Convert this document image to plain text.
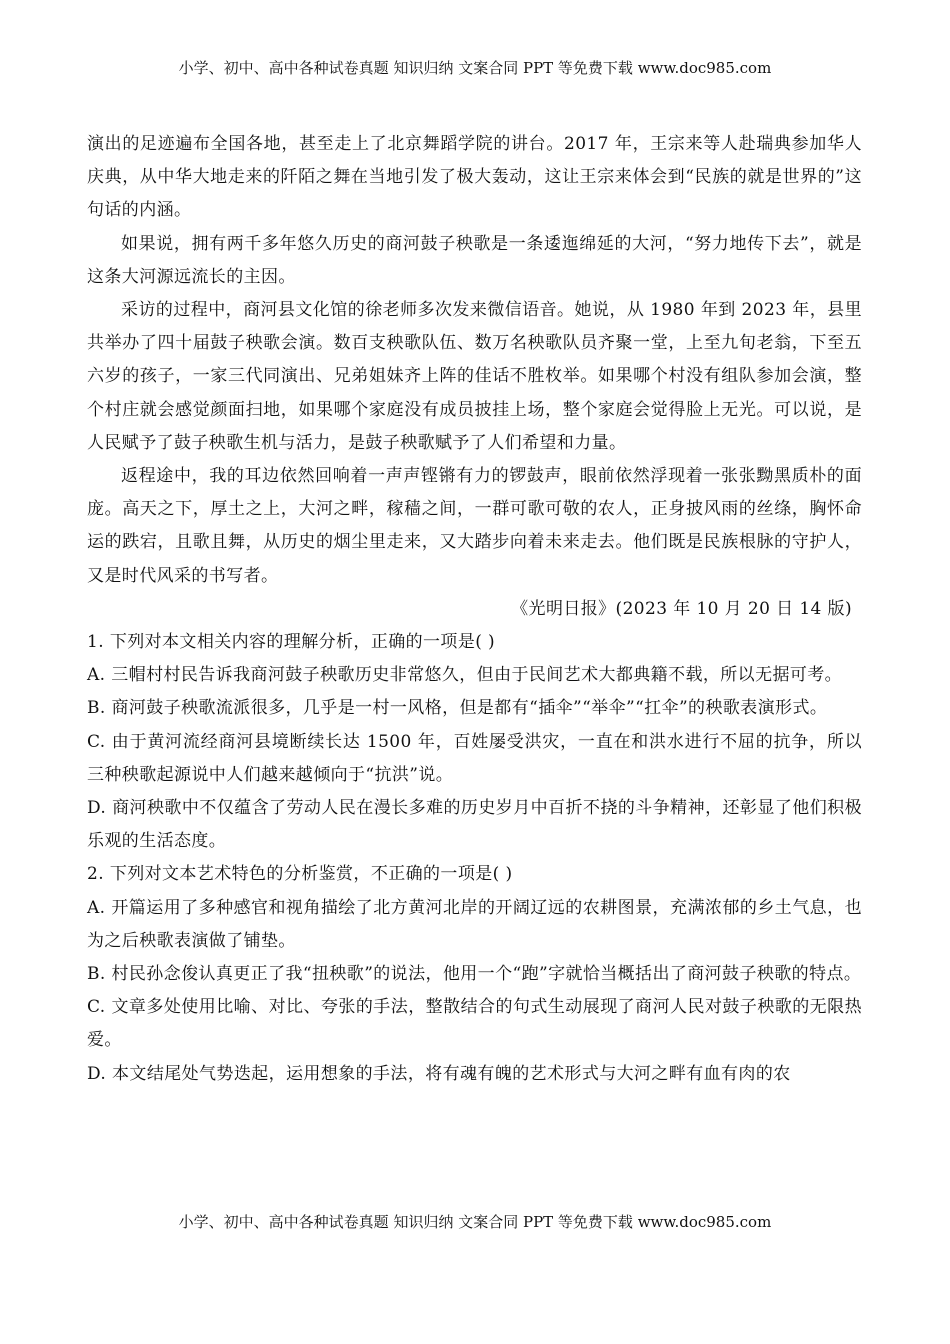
小学、初中、高中各种试卷真题 知识归纳 文案合同 PPT 等免费下载 www.doc985.com

演出的足迹遍布全国各地，甚至走上了北京舞蹈学院的讲台。2017 年，王宗来等人赴瑞典参加华人庆典，从中华大地走来的阡陌之舞在当地引发了极大轰动，这让王宗来体会到“民族的就是世界的”这句话的内涵。

如果说，拥有两千多年悠久历史的商河鼓子秧歌是一条逶迤绵延的大河，“努力地传下去”，就是这条大河源远流长的主因。

采访的过程中，商河县文化馆的徐老师多次发来微信语音。她说，从 1980 年到 2023 年，县里共举办了四十届鼓子秧歌会演。数百支秧歌队伍、数万名秧歌队员齐聚一堂，上至九旬老翁，下至五六岁的孩子，一家三代同演出、兄弟姐妹齐上阵的佳话不胜枚举。如果哪个村没有组队参加会演，整个村庄就会感觉颜面扫地，如果哪个家庭没有成员披挂上场，整个家庭会觉得脸上无光。可以说，是人民赋予了鼓子秧歌生机与活力，是鼓子秧歌赋予了人们希望和力量。

返程途中，我的耳边依然回响着一声声铿锵有力的锣鼓声，眼前依然浮现着一张张黝黑质朴的面庞。高天之下，厚土之上，大河之畔，稼穑之间，一群可歌可敬的农人，正身披风雨的丝绦，胸怀命运的跌宕，且歌且舞，从历史的烟尘里走来，又大踏步向着未来走去。他们既是民族根脉的守护人，又是时代风采的书写者。

《光明日报》(2023 年 10 月 20 日 14 版)

1. 下列对本文相关内容的理解分析，正确的一项是( )

A. 三帽村村民告诉我商河鼓子秧歌历史非常悠久，但由于民间艺术大都典籍不载，所以无据可考。

B. 商河鼓子秧歌流派很多，几乎是一村一风格，但是都有“插伞”“举伞”“扛伞”的秧歌表演形式。

C. 由于黄河流经商河县境断续长达 1500 年，百姓屡受洪灾，一直在和洪水进行不屈的抗争，所以三种秧歌起源说中人们越来越倾向于“抗洪”说。

D. 商河秧歌中不仅蕴含了劳动人民在漫长多难的历史岁月中百折不挠的斗争精神，还彰显了他们积极乐观的生活态度。

2. 下列对文本艺术特色的分析鉴赏，不正确的一项是( )

A. 开篇运用了多种感官和视角描绘了北方黄河北岸的开阔辽远的农耕图景，充满浓郁的乡土气息，也为之后秧歌表演做了铺垫。

B. 村民孙念俊认真更正了我“扭秧歌”的说法，他用一个“跑”字就恰当概括出了商河鼓子秧歌的特点。

C. 文章多处使用比喻、对比、夸张的手法，整散结合的句式生动展现了商河人民对鼓子秧歌的无限热爱。

D. 本文结尾处气势迭起，运用想象的手法，将有魂有魄的艺术形式与大河之畔有血有肉的农

小学、初中、高中各种试卷真题 知识归纳 文案合同 PPT 等免费下载 www.doc985.com
